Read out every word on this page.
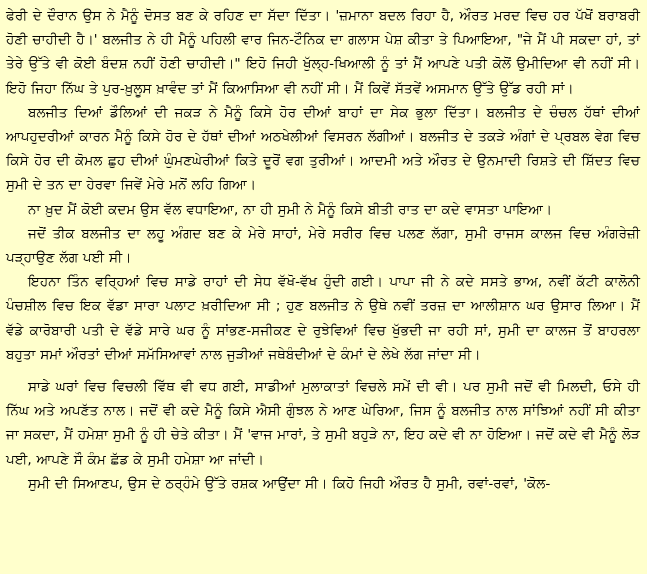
ਫੇਰੀ ਦੇ ਦੌਰਾਨ ਉਸ ਨੇ ਮੈਨੂੰ ਦੋਸਤ ਬਣ ਕੇ ਰਹਿਣ ਦਾ ਸੱਦਾ ਦਿੱਤਾ। 'ਜ਼ਮਾਨਾ ਬਦਲ ਰਿਹਾ ਹੈ, ਔਰਤ ਮਰਦ ਵਿਚ ਹਰ ਪੱਖੋਂ ਬਰਾਬਰੀ ਹੋਣੀ ਚਾਹੀਦੀ ਹੈ।' ਬਲਜੀਤ ਨੇ ਹੀ ਮੈਨੂੰ ਪਹਿਲੀ ਵਾਰ ਜਿਨ-ਟੌਨਿਕ ਦਾ ਗਲਾਸ ਪੇਸ਼ ਕੀਤਾ ਤੇ ਪਿਆਇਆ, "ਜੇ ਮੈਂ ਪੀ ਸਕਦਾ ਹਾਂ, ਤਾਂ ਤੇਰੇ ਉੱਤੇ ਵੀ ਕੋਈ ਬੰਦਸ਼ ਨਹੀਂ ਹੋਣੀ ਚਾਹੀਦੀ।" ਇਹੋ ਜਿਹੀ ਖੁੱਲ੍ਹ-ਖਿਆਲੀ ਨੂੰ ਤਾਂ ਮੈਂ ਆਪਣੇ ਪਤੀ ਕੋਲੋਂ ਉਮੀਦਿਆ ਵੀ ਨਹੀਂ ਸੀ। ਇਹੋ ਜਿਹਾ ਨਿੱਘ ਤੇ ਪੁਰ-ਖ਼ੁਲੂਸ ਖ਼ਾਵੰਦ ਤਾਂ ਮੈਂ ਕਿਆਸਿਆ ਵੀ ਨਹੀਂ ਸੀ। ਮੈਂ ਕਿਵੇਂ ਸੱਤਵੇਂ ਅਸਮਾਨ ਉੱਤੇ ਉੱਡ ਰਹੀ ਸਾਂ।

ਬਲਜੀਤ ਦਿਆਂ ਡੌਲਿਆਂ ਦੀ ਜਕੜ ਨੇ ਮੈਨੂੰ ਕਿਸੇ ਹੋਰ ਦੀਆਂ ਬਾਹਾਂ ਦਾ ਸੇਕ ਭੁਲਾ ਦਿੱਤਾ। ਬਲਜੀਤ ਦੇ ਚੰਚਲ ਹੱਥਾਂ ਦੀਆਂ ਆਪਹੁਦਰੀਆਂ ਕਾਰਨ ਮੈਨੂੰ ਕਿਸੇ ਹੋਰ ਦੇ ਹੱਥਾਂ ਦੀਆਂ ਅਠਖੇਲੀਆਂ ਵਿਸਰਨ ਲੱਗੀਆਂ। ਬਲਜੀਤ ਦੇ ਤਕੜੇ ਅੰਗਾਂ ਦੇ ਪ੍ਰਬਲ ਵੇਗ ਵਿਚ ਕਿਸੇ ਹੋਰ ਦੀ ਕੋਮਲ ਛੁਹ ਦੀਆਂ ਘੁੰਮਣਘੇਰੀਆਂ ਕਿਤੇ ਦੂਰੋਂ ਵਗ ਤੁਰੀਆਂ। ਆਦਮੀ ਅਤੇ ਔਰਤ ਦੇ ਉਨਮਾਦੀ ਰਿਸ਼ਤੇ ਦੀ ਸ਼ਿੱਦਤ ਵਿਚ ਸੁਮੀ ਦੇ ਤਨ ਦਾ ਹੇਰਵਾ ਜਿਵੇਂ ਮੇਰੇ ਮਨੋਂ ਲਹਿ ਗਿਆ।

ਨਾ ਖ਼ੁਦ ਮੈਂ ਕੋਈ ਕਦਮ ਉਸ ਵੱਲ ਵਧਾਇਆ, ਨਾ ਹੀ ਸੁਮੀ ਨੇ ਮੈਨੂੰ ਕਿਸੇ ਬੀਤੀ ਰਾਤ ਦਾ ਕਦੇ ਵਾਸਤਾ ਪਾਇਆ।

ਜਦੋਂ ਤੀਕ ਬਲਜੀਤ ਦਾ ਲਹੂ ਅੰਗਦ ਬਣ ਕੇ ਮੇਰੇ ਸਾਹਾਂ, ਮੇਰੇ ਸਰੀਰ ਵਿਚ ਪਲਣ ਲੱਗਾ, ਸੁਮੀ ਰਾਜਸ ਕਾਲਜ ਵਿਚ ਅੰਗਰੇਜ਼ੀ ਪੜ੍ਹਾਉਣ ਲੱਗ ਪਈ ਸੀ।

ਇਹਨਾ ਤਿੰਨ ਵਰ੍ਹਿਆਂ ਵਿਚ ਸਾਡੇ ਰਾਹਾਂ ਦੀ ਸੇਧ ਵੱਖੋ-ਵੱਖ ਹੁੰਦੀ ਗਈ। ਪਾਪਾ ਜੀ ਨੇ ਕਦੇ ਸਸਤੇ ਭਾਅ, ਨਵੀਂ ਕੱਟੀ ਕਾਲੋਨੀ ਪੰਚਸ਼ੀਲ ਵਿਚ ਇਕ ਵੱਡਾ ਸਾਰਾ ਪਲਾਟ ਖ਼ਰੀਦਿਆ ਸੀ ; ਹੁਣ ਬਲਜੀਤ ਨੇ ਉਥੇ ਨਵੀਂ ਤਰਜ਼ ਦਾ ਆਲੀਸ਼ਾਨ ਘਰ ਉਸਾਰ ਲਿਆ। ਮੈਂ ਵੱਡੇ ਕਾਰੋਬਾਰੀ ਪਤੀ ਦੇ ਵੱਡੇ ਸਾਰੇ ਘਰ ਨੂੰ ਸਾਂਭਣ-ਸਜੀਕਣ ਦੇ ਰੁਝੇਵਿਆਂ ਵਿਚ ਖੁੱਭਦੀ ਜਾ ਰਹੀ ਸਾਂ, ਸੁਮੀ ਦਾ ਕਾਲਜ ਤੋਂ ਬਾਹਰਲਾ ਬਹੁਤਾ ਸਮਾਂ ਔਰਤਾਂ ਦੀਆਂ ਸਮੱਸਿਆਵਾਂ ਨਾਲ ਜੁੜੀਆਂ ਜਥੇਬੰਦੀਆਂ ਦੇ ਕੰਮਾਂ ਦੇ ਲੇਖੇ ਲੱਗ ਜਾਂਦਾ ਸੀ।

ਸਾਡੇ ਘਰਾਂ ਵਿਚ ਵਿਚਲੀ ਵਿੱਥ ਵੀ ਵਧ ਗਈ, ਸਾਡੀਆਂ ਮੁਲਾਕਾਤਾਂ ਵਿਚਲੇ ਸਮੇਂ ਦੀ ਵੀ। ਪਰ ਸੁਮੀ ਜਦੋਂ ਵੀ ਮਿਲਦੀ, ਓਸੇ ਹੀ ਨਿੱਘ ਅਤੇ ਅਪਣੱਤ ਨਾਲ। ਜਦੋਂ ਵੀ ਕਦੇ ਮੈਨੂੰ ਕਿਸੇ ਐਸੀ ਗੁੰਝਲ ਨੇ ਆਣ ਘੇਰਿਆ, ਜਿਸ ਨੂੰ ਬਲਜੀਤ ਨਾਲ ਸਾਂਝਿਆਂ ਨਹੀਂ ਸੀ ਕੀਤਾ ਜਾ ਸਕਦਾ, ਮੈਂ ਹਮੇਸ਼ਾ ਸੁਮੀ ਨੂੰ ਹੀ ਚੇਤੇ ਕੀਤਾ। ਮੈਂ 'ਵਾਜ ਮਾਰਾਂ, ਤੇ ਸੁਮੀ ਬਹੁੜੇ ਨਾ, ਇਹ ਕਦੇ ਵੀ ਨਾ ਹੋਇਆ। ਜਦੋਂ ਕਦੇ ਵੀ ਮੈਨੂੰ ਲੋੜ ਪਈ, ਆਪਣੇ ਸੌ ਕੰਮ ਛੱਡ ਕੇ ਸੁਮੀ ਹਮੇਸ਼ਾ ਆ ਜਾਂਦੀ।

ਸੁਮੀ ਦੀ ਸਿਆਣਪ, ਉਸ ਦੇ ਠਰ੍ਹੰਮੇ ਉੱਤੇ ਰਸ਼ਕ ਆਉਂਦਾ ਸੀ। ਕਿਹੋ ਜਿਹੀ ਔਰਤ ਹੈ ਸੁਮੀ, ਰਵਾਂ-ਰਵਾਂ, 'ਕੋਲ-
